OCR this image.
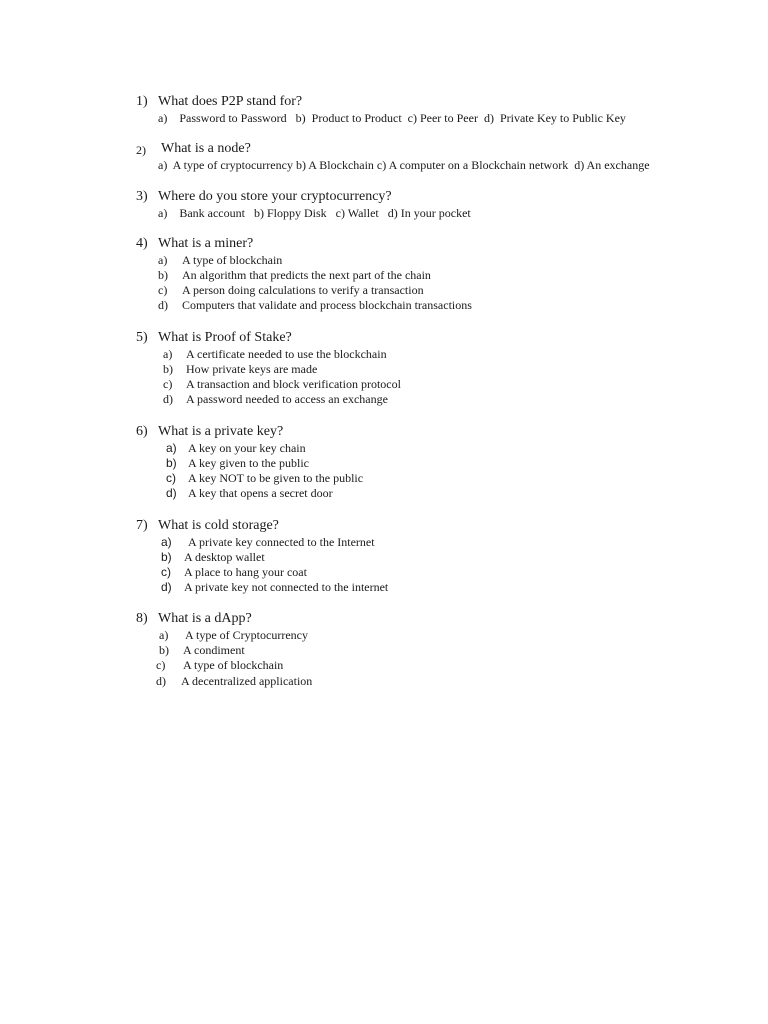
1) What does P2P stand for?
a)    Password to Password   b)  Product to Product  c) Peer to Peer  d)  Private Key to Public Key
2) What is a node?
a)  A type of cryptocurrency b) A Blockchain c) A computer on a Blockchain network  d) An exchange
3) Where do you store your cryptocurrency?
a)    Bank account   b) Floppy Disk   c) Wallet   d) In your pocket
4) What is a miner?
a) A type of blockchain
b) An algorithm that predicts the next part of the chain
c) A person doing calculations to verify a transaction
d) Computers that validate and process blockchain transactions
5) What is Proof of Stake?
a) A certificate needed to use the blockchain
b) How private keys are made
c) A transaction and block verification protocol
d) A password needed to access an exchange
6) What is a private key?
a) A key on your key chain
b) A key given to the public
c) A key NOT to be given to the public
d) A key that opens a secret door
7) What is cold storage?
a) A private key connected to the Internet
b) A desktop wallet
c) A place to hang your coat
d) A private key not connected to the internet
8) What is a dApp?
a) A type of Cryptocurrency
b) A condiment
c) A type of blockchain
d) A decentralized application
